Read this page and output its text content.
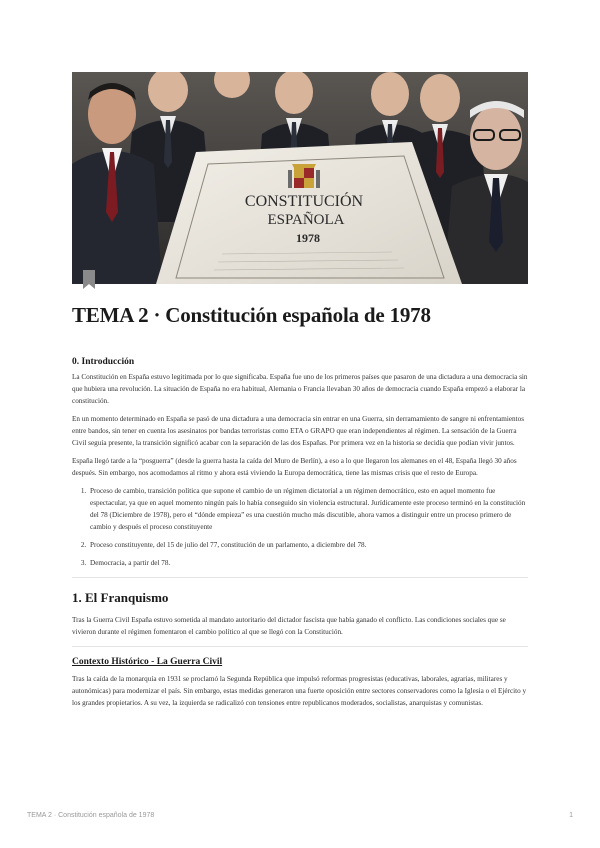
CONSTITUCIÓN
ESPAÑOLA
1978
TEMA 2 · Constitución española de 1978
0. Introducción

La Constitución en España estuvo legitimada por lo que significaba. España fue uno de los primeros países que pasaron de una dictadura a una democracia sin que hubiera una revolución. La situación de España no era habitual, Alemania o Francia llevaban 30 años de democracia cuando España empezó a elaborar la constitución.

En un momento determinado en España se pasó de una dictadura a una democracia sin entrar en una Guerra, sin derramamiento de sangre ni enfrentamientos entre bandos, sin tener en cuenta los asesinatos por bandas terroristas como ETA o GRAPO que eran independientes al régimen. La sensación de la Guerra Civil seguía presente, la transición significó acabar con la separación de las dos Españas. Por primera vez en la historia se decidía que podían vivir juntos.

España llegó tarde a la “posguerra” (desde la guerra hasta la caída del Muro de Berlín), a eso a lo que llegaron los alemanes en el 48, España llegó 30 años después. Sin embargo, nos acomodamos al ritmo y ahora está viviendo la Europa democrática, tiene las mismas crisis que el resto de Europa.

1. Proceso de cambio, transición política que supone el cambio de un régimen dictatorial a un régimen democrático, esto en aquel momento fue espectacular, ya que en aquel momento ningún país lo había conseguido sin violencia estructural. Jurídicamente este proceso terminó en la constitución del 78 (Diciembre de 1978), pero el “dónde empieza” es una cuestión mucho más discutible, ahora vamos a distinguir entre un proceso primero de cambio y después el proceso constituyente
2. Proceso constituyente, del 15 de julio del 77, constitución de un parlamento, a diciembre del 78.
3. Democracia, a partir del 78.
1. El Franquismo

Tras la Guerra Civil España estuvo sometida al mandato autoritario del dictador fascista que había ganado el conflicto. Las condiciones sociales que se vivieron durante el régimen fomentaron el cambio político al que se llegó con la Constitución.

Contexto Histórico - La Guerra Civil

Tras la caída de la monarquía en 1931 se proclamó la Segunda República que impulsó reformas progresistas (educativas, laborales, agrarias, militares y autonómicas) para modernizar el país. Sin embargo, estas medidas generaron una fuerte oposición entre sectores conservadores como la Iglesia o el Ejército y los grandes propietarios. A su vez, la izquierda se radicalizó con tensiones entre republicanos moderados, socialistas, anarquistas y comunistas.

TEMA 2 · Constitución española de 1978	1
